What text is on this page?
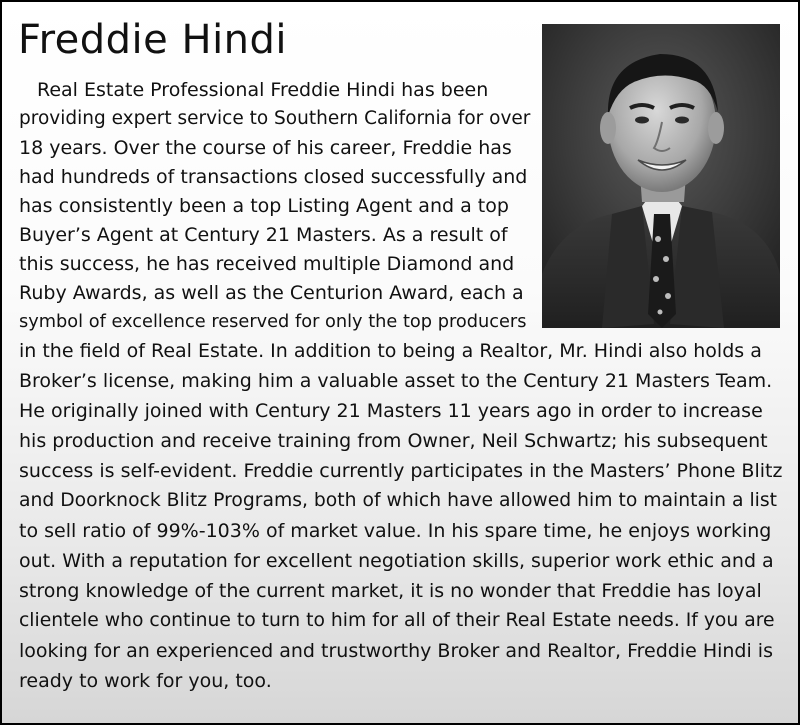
Freddie Hindi

Real Estate Professional Freddie Hindi has been

providing expert service to Southern California for over

18 years. Over the course of his career, Freddie has

had hundreds of transactions closed successfully and

has consistently been a top Listing Agent and a top

Buyer’s Agent at Century 21 Masters. As a result of

this success, he has received multiple Diamond and

Ruby Awards, as well as the Centurion Award, each a

symbol of excellence reserved for only the top producers

in the field of Real Estate. In addition to being a Realtor, Mr. Hindi also holds a

Broker’s license, making him a valuable asset to the Century 21 Masters Team.

He originally joined with Century 21 Masters 11 years ago in order to increase

his production and receive training from Owner, Neil Schwartz; his subsequent

success is self-evident. Freddie currently participates in the Masters’ Phone Blitz

and Doorknock Blitz Programs, both of which have allowed him to maintain a list

to sell ratio of 99%-103% of market value. In his spare time, he enjoys working

out. With a reputation for excellent negotiation skills, superior work ethic and a

strong knowledge of the current market, it is no wonder that Freddie has loyal

clientele who continue to turn to him for all of their Real Estate needs. If you are

looking for an experienced and trustworthy Broker and Realtor, Freddie Hindi is

ready to work for you, too.
